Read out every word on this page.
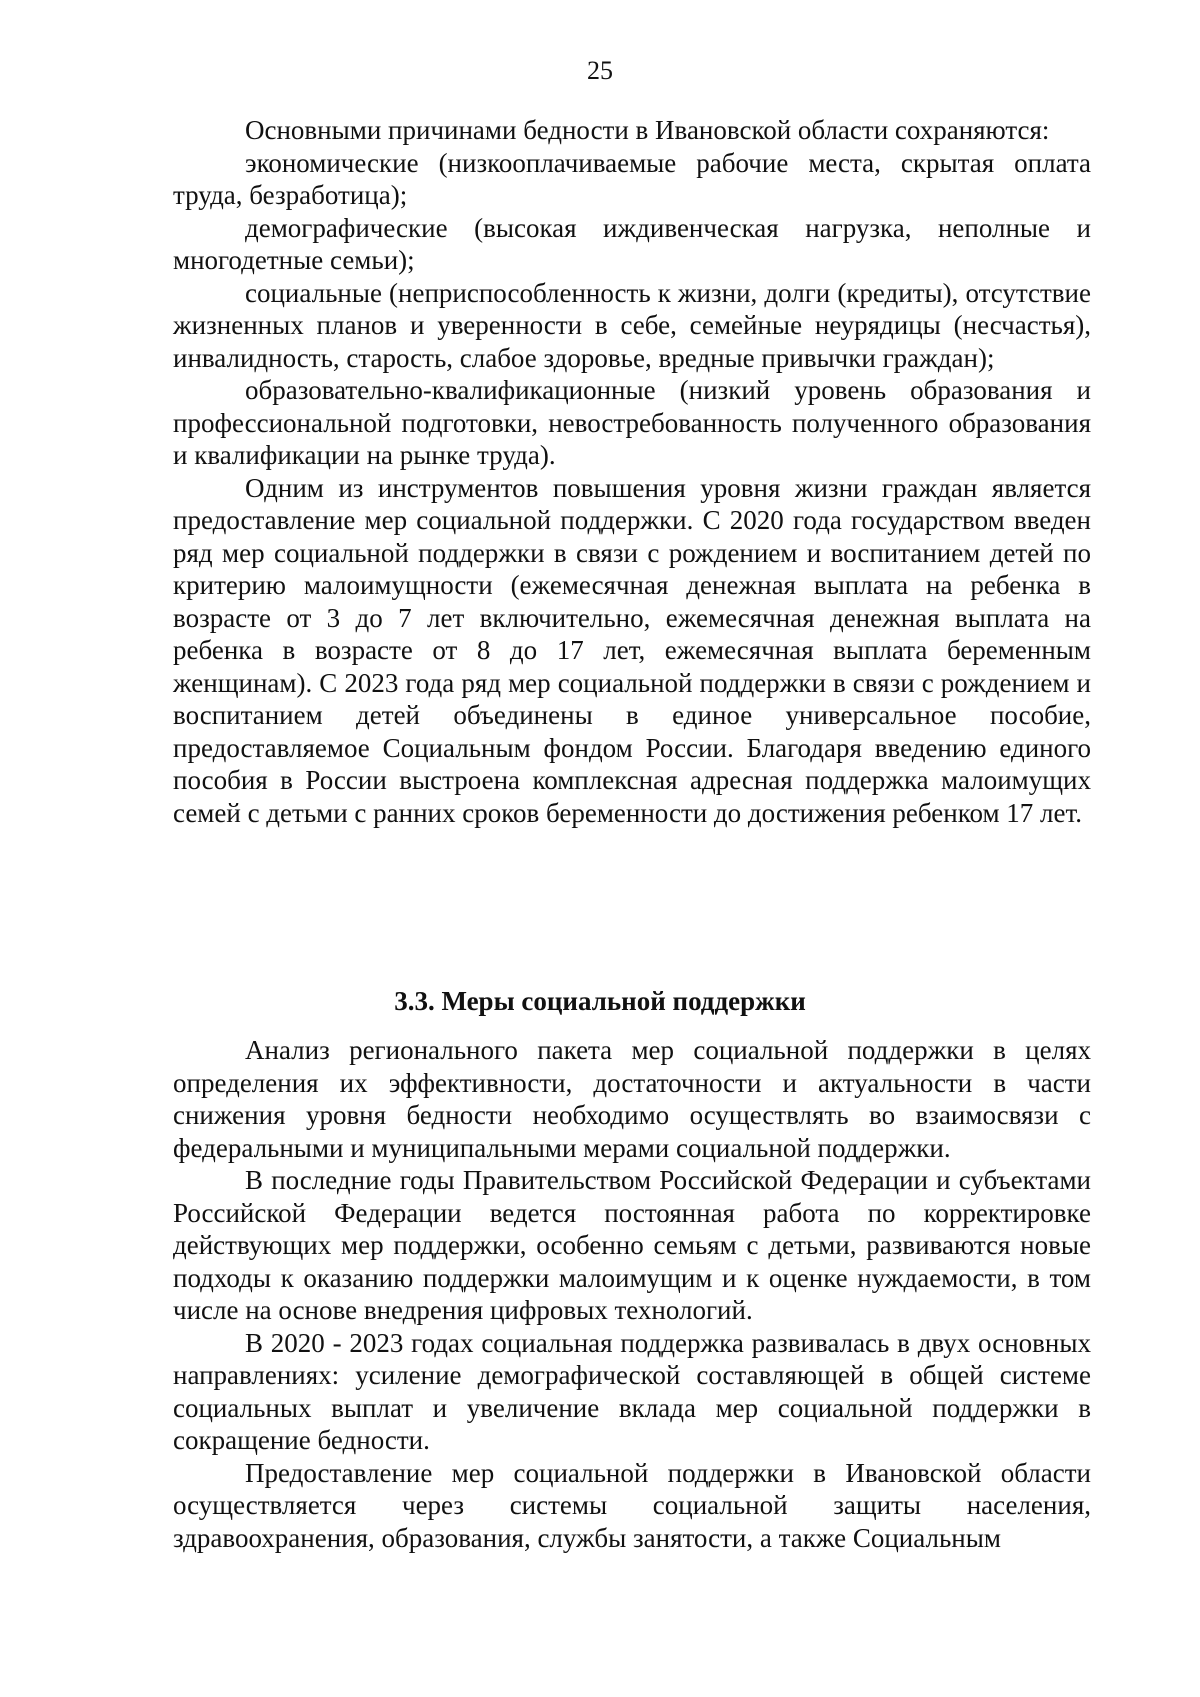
25

Основными причинами бедности в Ивановской области сохраняются:

экономические (низкооплачиваемые рабочие места, скрытая оплата труда, безработица);

демографические (высокая иждивенческая нагрузка, неполные и многодетные семьи);

социальные (неприспособленность к жизни, долги (кредиты), отсутствие жизненных планов и уверенности в себе, семейные неурядицы (несчастья), инвалидность, старость, слабое здоровье, вредные привычки граждан);

образовательно-квалификационные (низкий уровень образования и профессиональной подготовки, невостребованность полученного образования и квалификации на рынке труда).

Одним из инструментов повышения уровня жизни граждан является предоставление мер социальной поддержки. С 2020 года государством введен ряд мер социальной поддержки в связи с рождением и воспитанием детей по критерию малоимущности (ежемесячная денежная выплата на ребенка в возрасте от 3 до 7 лет включительно, ежемесячная денежная выплата на ребенка в возрасте от 8 до 17 лет, ежемесячная выплата беременным женщинам). С 2023 года ряд мер социальной поддержки в связи с рождением и воспитанием детей объединены в единое универсальное пособие, предоставляемое Социальным фондом России. Благодаря введению единого пособия в России выстроена комплексная адресная поддержка малоимущих семей с детьми с ранних сроков беременности до достижения ребенком 17 лет.

3.3. Меры социальной поддержки

Анализ регионального пакета мер социальной поддержки в целях определения их эффективности, достаточности и актуальности в части снижения уровня бедности необходимо осуществлять во взаимосвязи с федеральными и муниципальными мерами социальной поддержки.

В последние годы Правительством Российской Федерации и субъектами Российской Федерации ведется постоянная работа по корректировке действующих мер поддержки, особенно семьям с детьми, развиваются новые подходы к оказанию поддержки малоимущим и к оценке нуждаемости, в том числе на основе внедрения цифровых технологий.

В 2020 - 2023 годах социальная поддержка развивалась в двух основных направлениях: усиление демографической составляющей в общей системе социальных выплат и увеличение вклада мер социальной поддержки в сокращение бедности.

Предоставление мер социальной поддержки в Ивановской области осуществляется через системы социальной защиты населения, здравоохранения, образования, службы занятости, а также Социальным
